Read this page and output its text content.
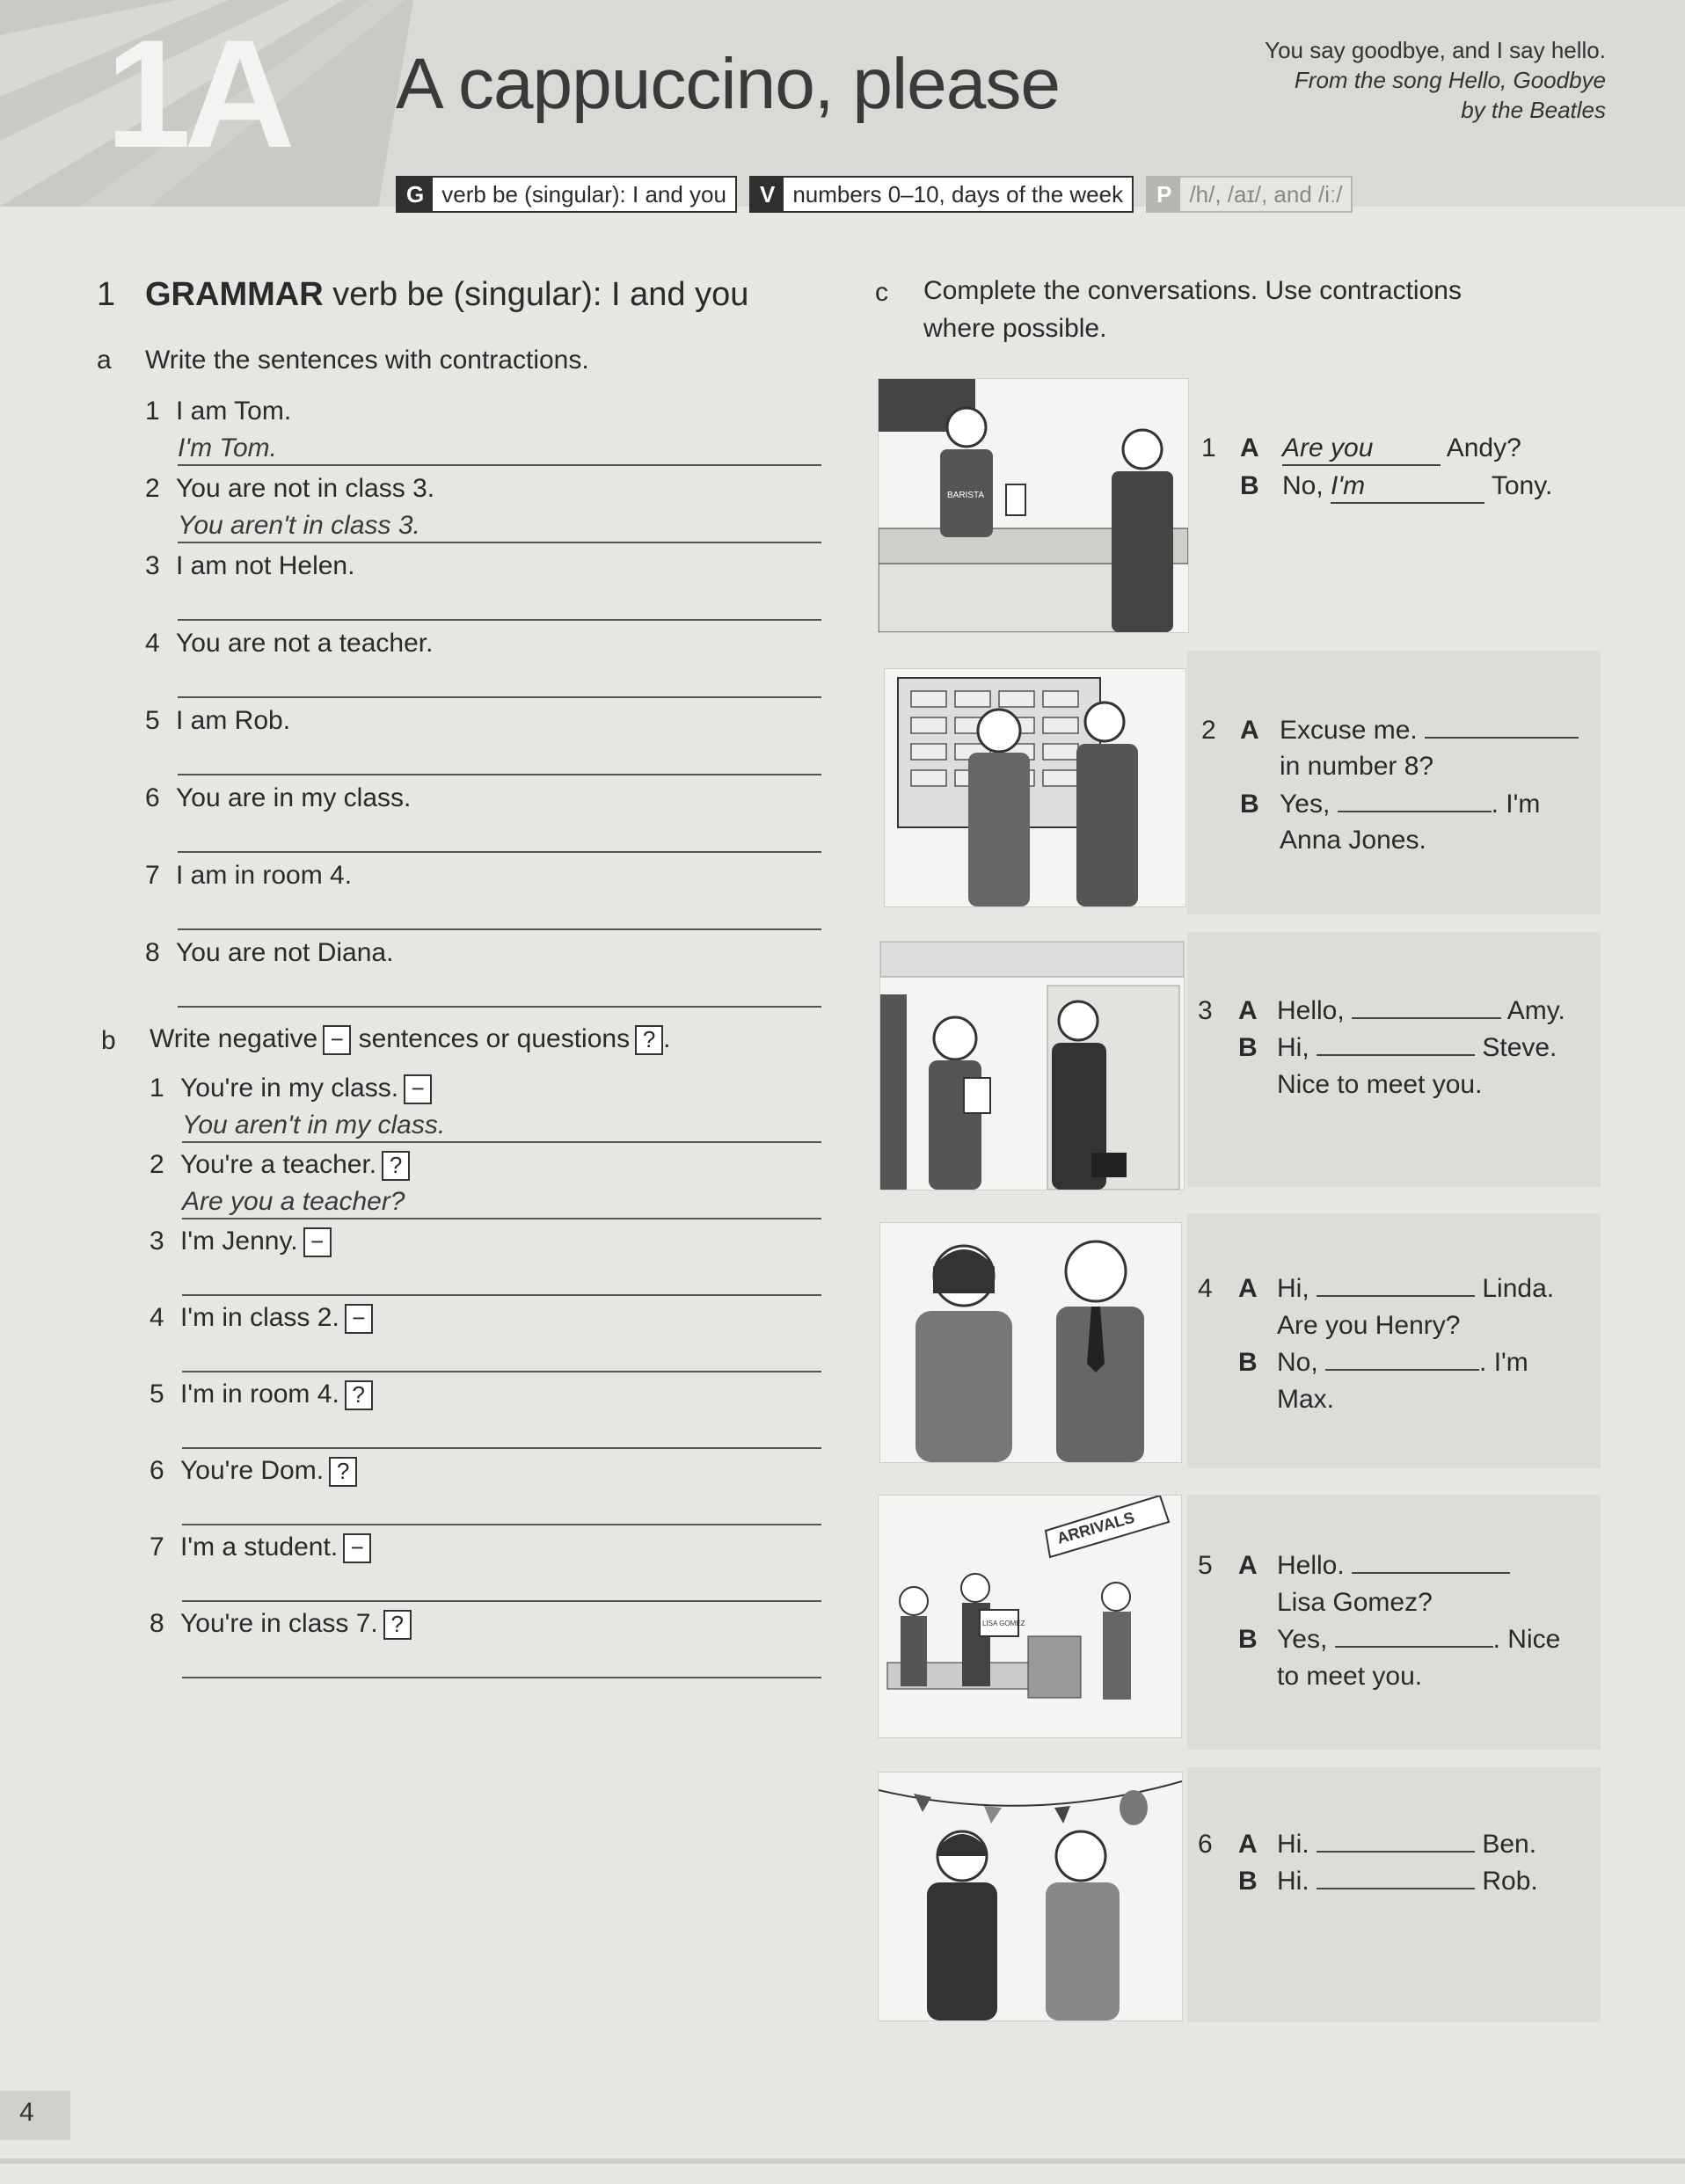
1A A cappuccino, please	You say goodbye, and I say hello.
From the song Hello, Goodbye
by the Beatles
G verb be (singular): I and you	V numbers 0–10, days of the week	P /h/, /aɪ/, and /iː/
1 GRAMMAR verb be (singular): I and you
a Write the sentences with contractions.
1 I am Tom.
I'm Tom.
2 You are not in class 3.
You aren't in class 3.
3 I am not Helen.
4 You are not a teacher.
5 I am Rob.
6 You are in my class.
7 I am in room 4.
8 You are not Diana.
b Write negative − sentences or questions ? .
1 You're in my class. −
You aren't in my class.
2 You're a teacher. ?
Are you a teacher?
3 I'm Jenny. −
4 I'm in class 2. −
5 I'm in room 4. ?
6 You're Dom. ?
7 I'm a student. −
8 You're in class 7. ?
c Complete the conversations. Use contractions
where possible.
BARISTA
ARRIVALS
LISA GOMEZ
1 A Are you	Andy?
B No, I'm	Tony.
2 A Excuse me.
in number 8?
B Yes,	. I'm
Anna Jones.
3 A Hello,	Amy.
B Hi,	Steve.
Nice to meet you.
4 A Hi,	Linda.
Are you Henry?
B No,	. I'm
Max.
5 A Hello.
Lisa Gomez?
B Yes,	. Nice
to meet you.
6 A Hi.	Ben.
B Hi.	Rob.
4
